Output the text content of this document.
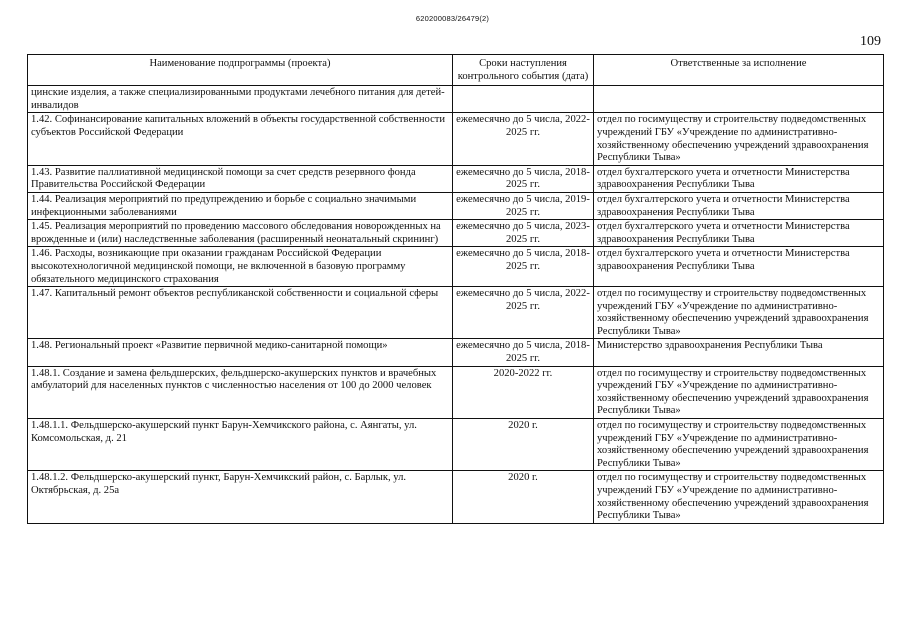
620200083/26479(2)
109
Наименование подпрограммы (проекта)	Сроки наступления контрольного события (дата)	Ответственные за исполнение
цинские изделия, а также специализированными продуктами лечебного питания для детей-инвалидов		
1.42. Софинансирование капитальных вложений в объекты государственной собственности субъектов Российской Федерации	ежемесячно до 5 числа, 2022-2025 гг.	отдел по госимуществу и строительству подведомственных учреждений ГБУ «Учреждение по административно-хозяйственному обеспечению учреждений здравоохранения Республики Тыва»
1.43. Развитие паллиативной медицинской помощи за счет средств резервного фонда Правительства Российской Федерации	ежемесячно до 5 числа, 2018-2025 гг.	отдел бухгалтерского учета и отчетности Министерства здравоохранения Республики Тыва
1.44. Реализация мероприятий по предупреждению и борьбе с социально значимыми инфекционными заболеваниями	ежемесячно до 5 числа, 2019-2025 гг.	отдел бухгалтерского учета и отчетности Министерства здравоохранения Республики Тыва
1.45. Реализация мероприятий по проведению массового обследования новорожденных на врожденные и (или) наследственные заболевания (расширенный неонатальный скрининг)	ежемесячно до 5 числа, 2023-2025 гг.	отдел бухгалтерского учета и отчетности Министерства здравоохранения Республики Тыва
1.46. Расходы, возникающие при оказании гражданам Российской Федерации высокотехнологичной медицинской помощи, не включенной в базовую программу обязательного медицинского страхования	ежемесячно до 5 числа, 2018-2025 гг.	отдел бухгалтерского учета и отчетности Министерства здравоохранения Республики Тыва
1.47. Капитальный ремонт объектов республиканской собственности и социальной сферы	ежемесячно до 5 числа, 2022-2025 гг.	отдел по госимуществу и строительству подведомственных учреждений ГБУ «Учреждение по административно-хозяйственному обеспечению учреждений здравоохранения Республики Тыва»
1.48. Региональный проект «Развитие первичной медико-санитарной помощи»	ежемесячно до 5 числа, 2018-2025 гг.	Министерство здравоохранения Республики Тыва
1.48.1. Создание и замена фельдшерских, фельдшерско-акушерских пунктов и врачебных амбулаторий для населенных пунктов с численностью населения от 100 до 2000 человек	2020-2022 гг.	отдел по госимуществу и строительству подведомственных учреждений ГБУ «Учреждение по административно-хозяйственному обеспечению учреждений здравоохранения Республики Тыва»
1.48.1.1. Фельдшерско-акушерский пункт Барун-Хемчикского района, с. Аянгаты, ул. Комсомольская, д. 21	2020 г.	отдел по госимуществу и строительству подведомственных учреждений ГБУ «Учреждение по административно-хозяйственному обеспечению учреждений здравоохранения Республики Тыва»
1.48.1.2. Фельдшерско-акушерский пункт, Барун-Хемчикский район, с. Барлык, ул. Октябрьская, д. 25а	2020 г.	отдел по госимуществу и строительству подведомственных учреждений ГБУ «Учреждение по административно-хозяйственному обеспечению учреждений здравоохранения Республики Тыва»
